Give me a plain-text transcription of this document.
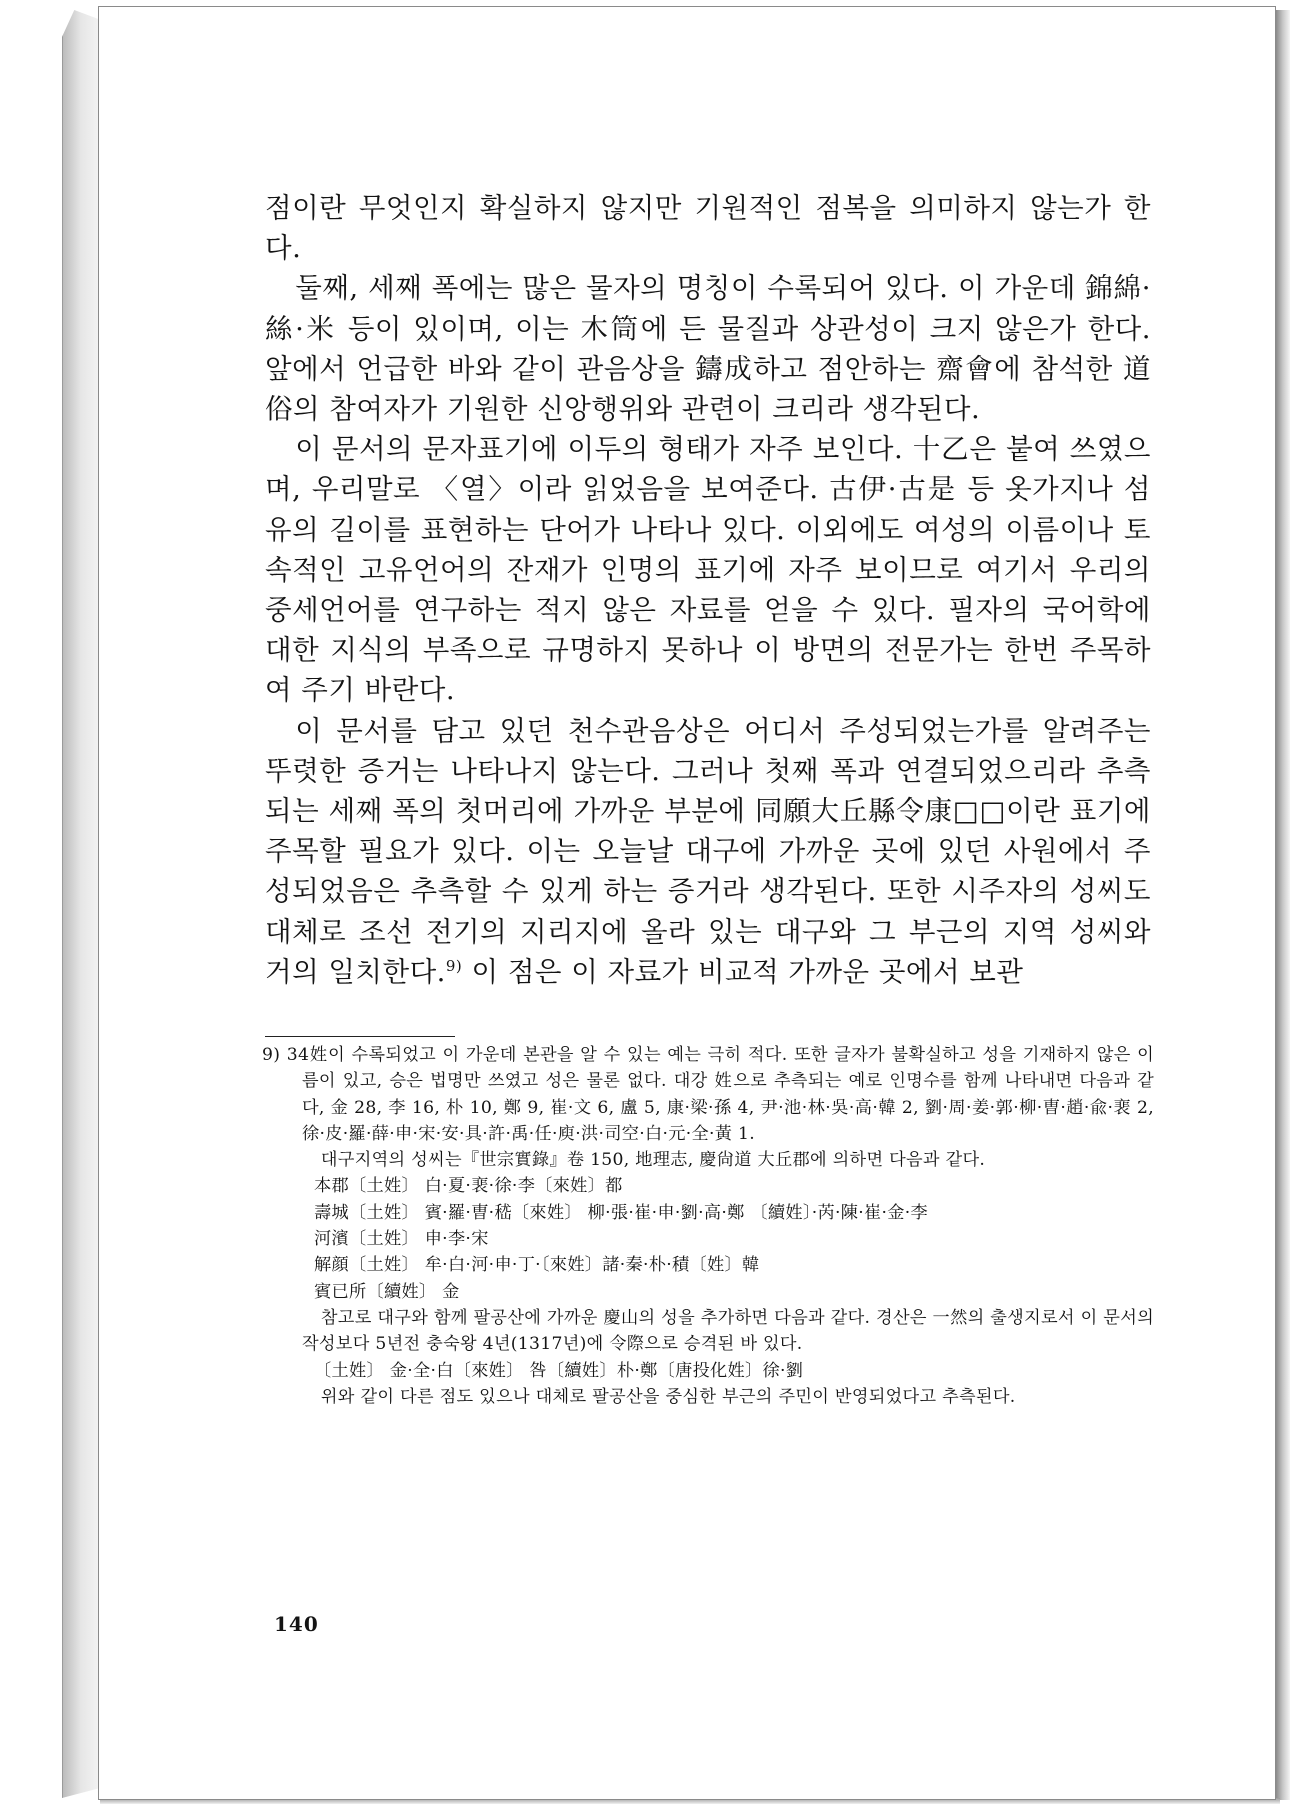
점이란 무엇인지 확실하지 않지만 기원적인 점복을 의미하지 않는가 한다.

둘째, 세째 폭에는 많은 물자의 명칭이 수록되어 있다. 이 가운데 錦綿·絲·米 등이 있이며, 이는 木筒에 든 물질과 상관성이 크지 않은가 한다. 앞에서 언급한 바와 같이 관음상을 鑄成하고 점안하는 齋會에 참석한 道俗의 참여자가 기원한 신앙행위와 관련이 크리라 생각된다.

이 문서의 문자표기에 이두의 형태가 자주 보인다. 十乙은 붙여 쓰였으며, 우리말로 〈열〉이라 읽었음을 보여준다. 古伊·古是 등 옷가지나 섬유의 길이를 표현하는 단어가 나타나 있다. 이외에도 여성의 이름이나 토속적인 고유언어의 잔재가 인명의 표기에 자주 보이므로 여기서 우리의 중세언어를 연구하는 적지 않은 자료를 얻을 수 있다. 필자의 국어학에 대한 지식의 부족으로 규명하지 못하나 이 방면의 전문가는 한번 주목하여 주기 바란다.

이 문서를 담고 있던 천수관음상은 어디서 주성되었는가를 알려주는 뚜렷한 증거는 나타나지 않는다. 그러나 첫째 폭과 연결되었으리라 추측되는 세째 폭의 첫머리에 가까운 부분에 同願大丘縣令康□□이란 표기에 주목할 필요가 있다. 이는 오늘날 대구에 가까운 곳에 있던 사원에서 주성되었음은 추측할 수 있게 하는 증거라 생각된다. 또한 시주자의 성씨도 대체로 조선 전기의 지리지에 올라 있는 대구와 그 부근의 지역 성씨와 거의 일치한다.$^{9)}$ 이 점은 이 자료가 비교적 가까운 곳에서 보관

9) 34姓이 수록되었고 이 가운데 본관을 알 수 있는 예는 극히 적다. 또한 글자가 불확실하고 성을 기재하지 않은 이름이 있고, 승은 법명만 쓰였고 성은 물론 없다. 대강 姓으로 추측되는 예로 인명수를 함께 나타내면 다음과 같다, 金 28, 李 16, 朴 10, 鄭 9, 崔·文 6, 盧 5, 康·梁·孫 4, 尹·池·林·吳·高·韓 2, 劉·周·姜·郭·柳·曺·趙·兪·裵 2, 徐·皮·羅·薛·申·宋·安·具·許·禹·任·庾·洪·司空·白·元·全·黃 1.

대구지역의 성씨는『世宗實錄』卷 150, 地理志, 慶尙道 大丘郡에 의하면 다음과 같다.

本郡〔土姓〕 白·夏·裵·徐·李〔來姓〕都

壽城〔土姓〕 賓·羅·曺·嵇〔來姓〕 柳·張·崔·申·劉·高·鄭 〔續姓〕·芮·陳·崔·金·李

河濱〔土姓〕 申·李·宋

解顔〔土姓〕 牟·白·河·申·丁·〔來姓〕諸·秦·朴·積〔姓〕韓

賓已所〔續姓〕 金

참고로 대구와 함께 팔공산에 가까운 慶山의 성을 추가하면 다음과 같다. 경산은 一然의 출생지로서 이 문서의 작성보다 5년전 충숙왕 4년(1317년)에 令際으로 승격된 바 있다.

〔土姓〕 金·全·白〔來姓〕 咎〔續姓〕朴·鄭〔唐投化姓〕徐·劉

위와 같이 다른 점도 있으나 대체로 팔공산을 중심한 부근의 주민이 반영되었다고 추측된다.

140
